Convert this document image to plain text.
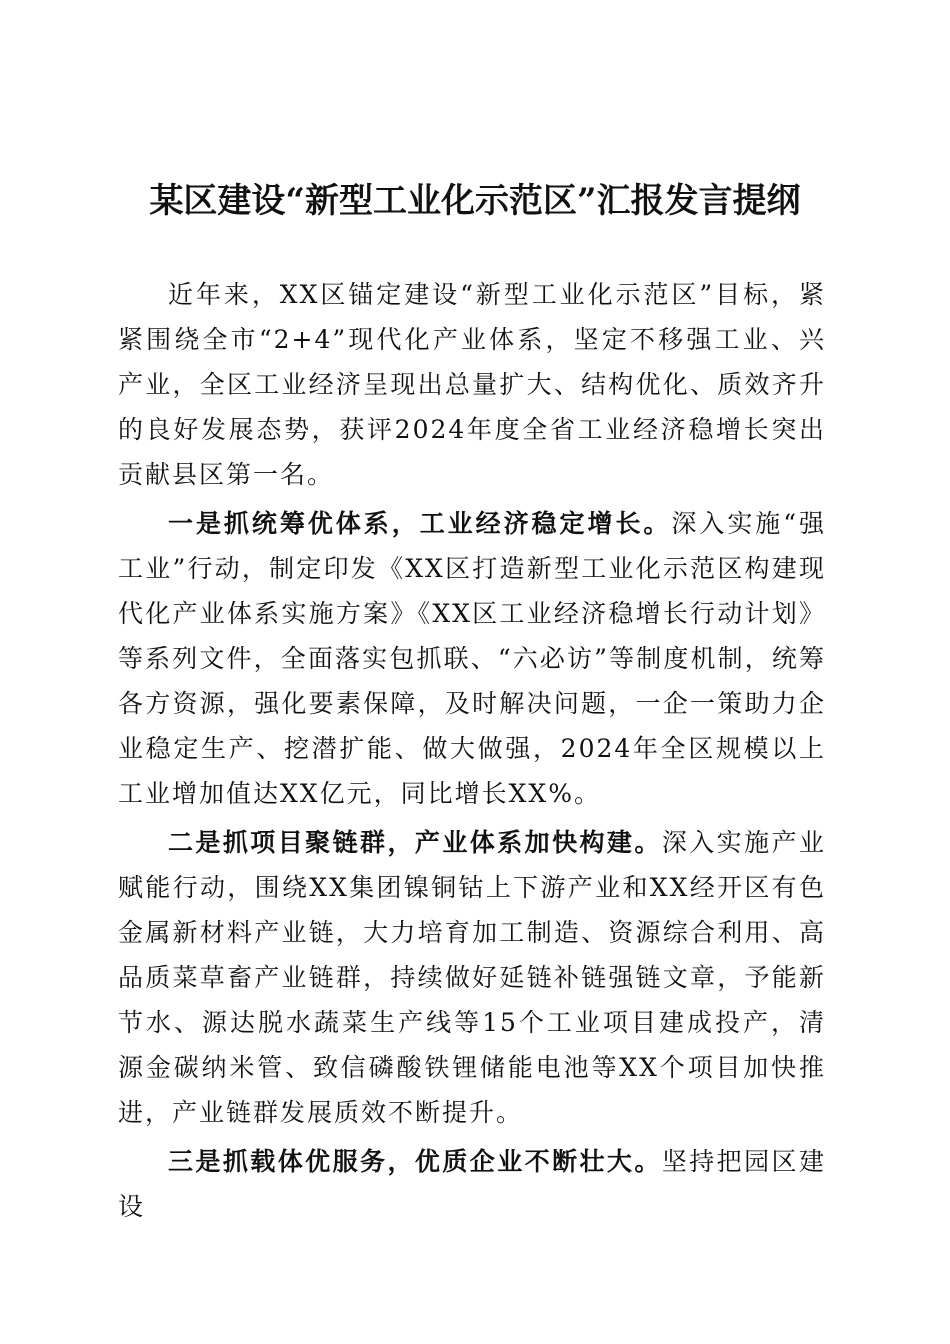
某区建设“新型工业化示范区”汇报发言提纲

近年来，XX区锚定建设“新型工业化示范区”目标，紧紧围绕全市“2+4”现代化产业体系，坚定不移强工业、兴产业，全区工业经济呈现出总量扩大、结构优化、质效齐升的良好发展态势，获评2024年度全省工业经济稳增长突出贡献县区第一名。

一是抓统筹优体系，工业经济稳定增长。深入实施“强工业”行动，制定印发《XX区打造新型工业化示范区构建现代化产业体系实施方案》《XX区工业经济稳增长行动计划》等系列文件，全面落实包抓联、“六必访”等制度机制，统筹各方资源，强化要素保障，及时解决问题，一企一策助力企业稳定生产、挖潜扩能、做大做强，2024年全区规模以上工业增加值达XX亿元，同比增长XX%。

二是抓项目聚链群，产业体系加快构建。深入实施产业赋能行动，围绕XX集团镍铜钴上下游产业和XX经开区有色金属新材料产业链，大力培育加工制造、资源综合利用、高品质菜草畜产业链群，持续做好延链补链强链文章，予能新节水、源达脱水蔬菜生产线等15个工业项目建成投产，清源金碳纳米管、致信磷酸铁锂储能电池等XX个项目加快推进，产业链群发展质效不断提升。

三是抓载体优服务，优质企业不断壮大。坚持把园区建设
